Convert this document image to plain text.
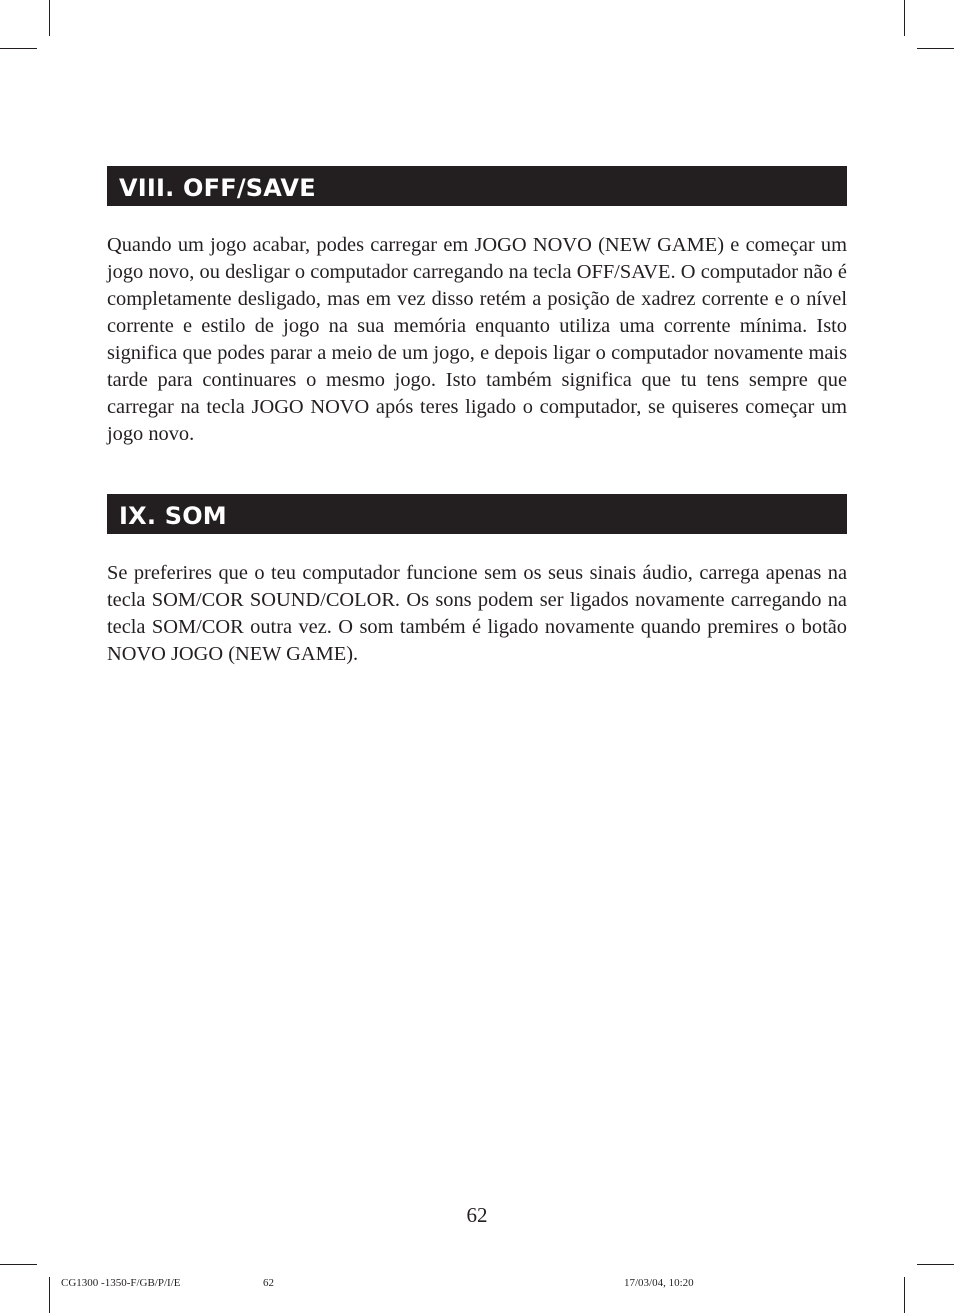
VIII. OFF/SAVE

Quando um jogo acabar, podes carregar em JOGO NOVO (NEW GAME) e começar um jogo novo, ou desligar o computador carregando na tecla OFF/SAVE. O computador não é completamente desligado, mas em vez disso retém a posição de xadrez corrente e o nível corrente e estilo de jogo na sua memória enquanto utiliza uma corrente mínima. Isto significa que podes parar a meio de um jogo, e depois ligar o computador novamente mais tarde para continuares o mesmo jogo. Isto também significa que tu tens sempre que carregar na tecla JOGO NOVO após teres ligado o computador, se quiseres começar um jogo novo.

IX. SOM

Se preferires que o teu computador funcione sem os seus sinais áudio, carrega apenas na tecla SOM/COR SOUND/COLOR. Os sons podem ser ligados novamente carregando na tecla SOM/COR outra vez. O som também é ligado novamente quando premires o botão NOVO JOGO (NEW GAME).

62
CG1300 -1350-F/GB/P/I/E	62	17/03/04, 10:20
